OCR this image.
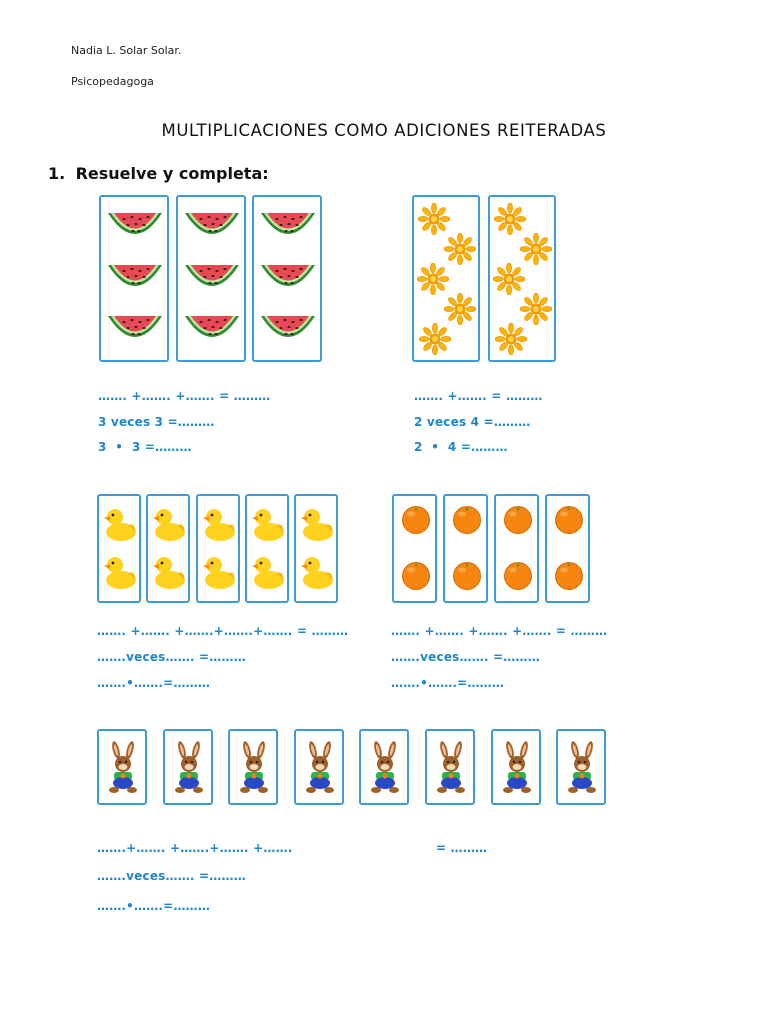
Nadia L. Solar Solar.
Psicopedagoga
MULTIPLICACIONES COMO ADICIONES REITERADAS
1. Resuelve y completa:
……. +……. +……. = ………
3 veces 3 =………
3  •  3 =………
……. +……. = ………
2 veces 4 =………
2  •  4 =………
……. +……. +…….+…….+……. = ………
…….veces……. =………
…….•…….=………
……. +……. +……. +……. = ………
…….veces……. =………
…….•…….=………
…….+……. +…….+……. +…….	= ………
…….veces……. =………
…….•…….=………
